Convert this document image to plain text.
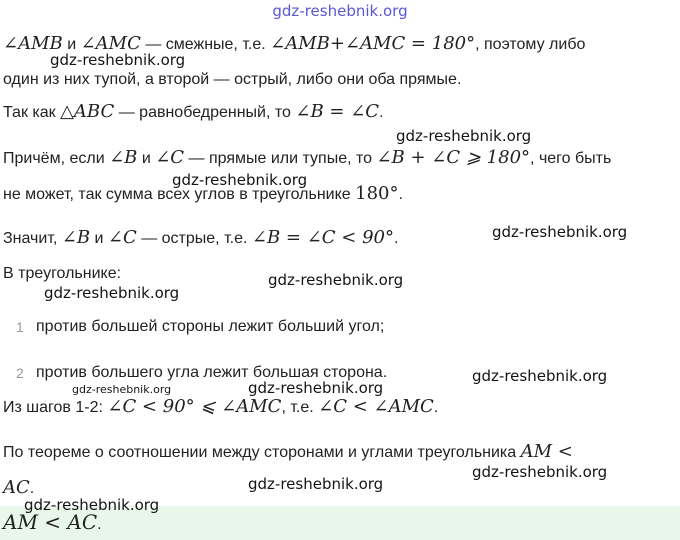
gdz-reshebnik.org
∠AMB и ∠AMC — смежные, т.е. ∠AMB+∠AMC = 180°, поэтому либо
один из них тупой, а второй — острый, либо они оба прямые.
Так как △ABC — равнобедренный, то ∠B = ∠C.
Причём, если ∠B и ∠C — прямые или тупые, то ∠B + ∠C ⩾ 180°, чего быть
не может, так сумма всех углов в треугольнике 180°.
Значит, ∠B и ∠C — острые, т.е. ∠B = ∠C < 90°.
В треугольнике:
1 против большей стороны лежит больший угол;
2 против большего угла лежит большая сторона.
Из шагов 1-2: ∠C < 90° ⩽ ∠AMC, т.е. ∠C < ∠AMC.
По теореме о соотношении между сторонами и углами треугольника AM <
AC.
AM < AC.
gdz-reshebnik.org
gdz-reshebnik.org
gdz-reshebnik.org
gdz-reshebnik.org
gdz-reshebnik.org
gdz-reshebnik.org
gdz-reshebnik.org
gdz-reshebnik.org	gdz-reshebnik.org
gdz-reshebnik.org
gdz-reshebnik.org
gdz-reshebnik.org
